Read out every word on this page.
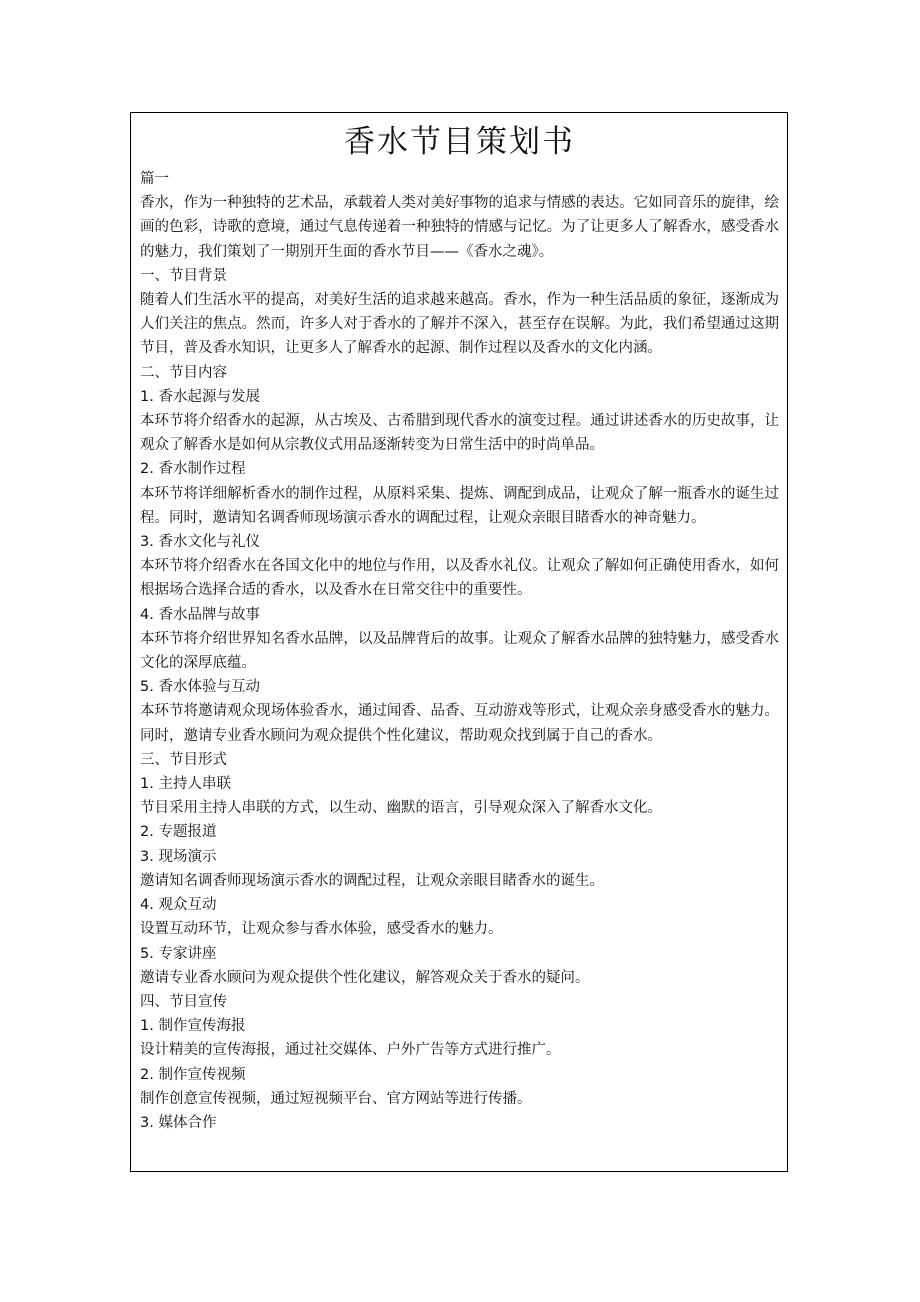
香水节目策划书

篇一

香水，作为一种独特的艺术品，承载着人类对美好事物的追求与情感的表达。它如同音乐的旋律，绘画的色彩，诗歌的意境，通过气息传递着一种独特的情感与记忆。为了让更多人了解香水，感受香水的魅力，我们策划了一期别开生面的香水节目——《香水之魂》。

一、节目背景

随着人们生活水平的提高，对美好生活的追求越来越高。香水，作为一种生活品质的象征，逐渐成为人们关注的焦点。然而，许多人对于香水的了解并不深入，甚至存在误解。为此，我们希望通过这期节目，普及香水知识，让更多人了解香水的起源、制作过程以及香水的文化内涵。

二、节目内容

1. 香水起源与发展

本环节将介绍香水的起源，从古埃及、古希腊到现代香水的演变过程。通过讲述香水的历史故事，让观众了解香水是如何从宗教仪式用品逐渐转变为日常生活中的时尚单品。

2. 香水制作过程

本环节将详细解析香水的制作过程，从原料采集、提炼、调配到成品，让观众了解一瓶香水的诞生过程。同时，邀请知名调香师现场演示香水的调配过程，让观众亲眼目睹香水的神奇魅力。

3. 香水文化与礼仪

本环节将介绍香水在各国文化中的地位与作用，以及香水礼仪。让观众了解如何正确使用香水，如何根据场合选择合适的香水，以及香水在日常交往中的重要性。

4. 香水品牌与故事

本环节将介绍世界知名香水品牌，以及品牌背后的故事。让观众了解香水品牌的独特魅力，感受香水文化的深厚底蕴。

5. 香水体验与互动

本环节将邀请观众现场体验香水，通过闻香、品香、互动游戏等形式，让观众亲身感受香水的魅力。同时，邀请专业香水顾问为观众提供个性化建议，帮助观众找到属于自己的香水。

三、节目形式

1. 主持人串联

节目采用主持人串联的方式，以生动、幽默的语言，引导观众深入了解香水文化。

2. 专题报道

3. 现场演示

邀请知名调香师现场演示香水的调配过程，让观众亲眼目睹香水的诞生。

4. 观众互动

设置互动环节，让观众参与香水体验，感受香水的魅力。

5. 专家讲座

邀请专业香水顾问为观众提供个性化建议，解答观众关于香水的疑问。

四、节目宣传

1. 制作宣传海报

设计精美的宣传海报，通过社交媒体、户外广告等方式进行推广。

2. 制作宣传视频

制作创意宣传视频，通过短视频平台、官方网站等进行传播。

3. 媒体合作
